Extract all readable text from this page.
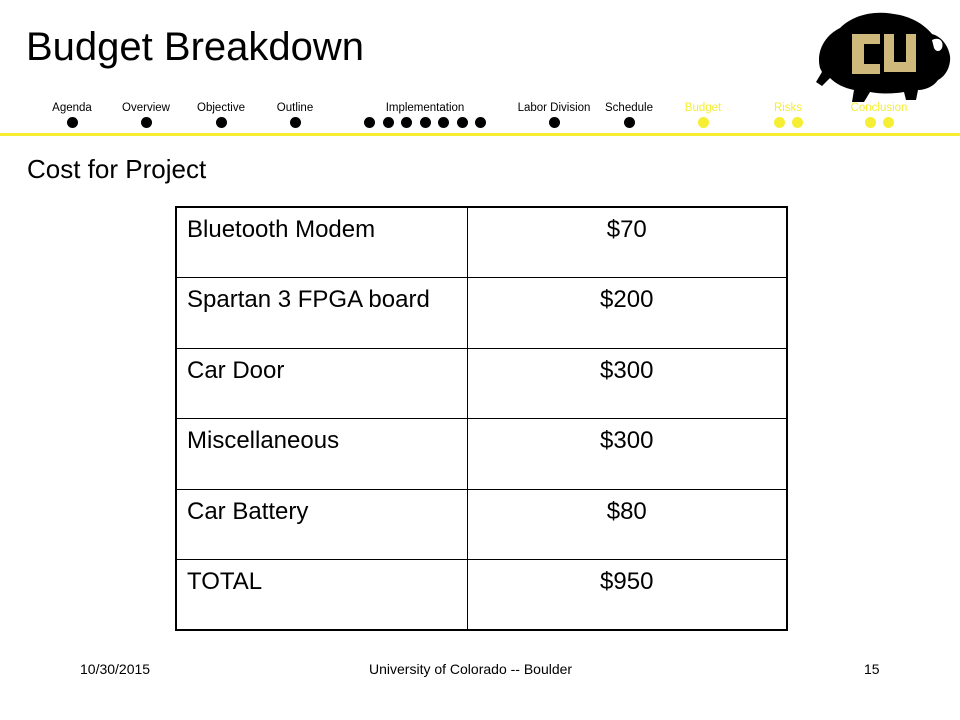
Budget Breakdown
Agenda	Overview Objective	Outline	Implementation	Labor Division Schedule	Budget	Risks	Conclusion
Cost for Project
Bluetooth Modem	$70
Spartan 3 FPGA board	$200
Car Door	$300
Miscellaneous	$300
Car Battery	$80
TOTAL	$950
10/30/2015	University of Colorado -- Boulder	15
